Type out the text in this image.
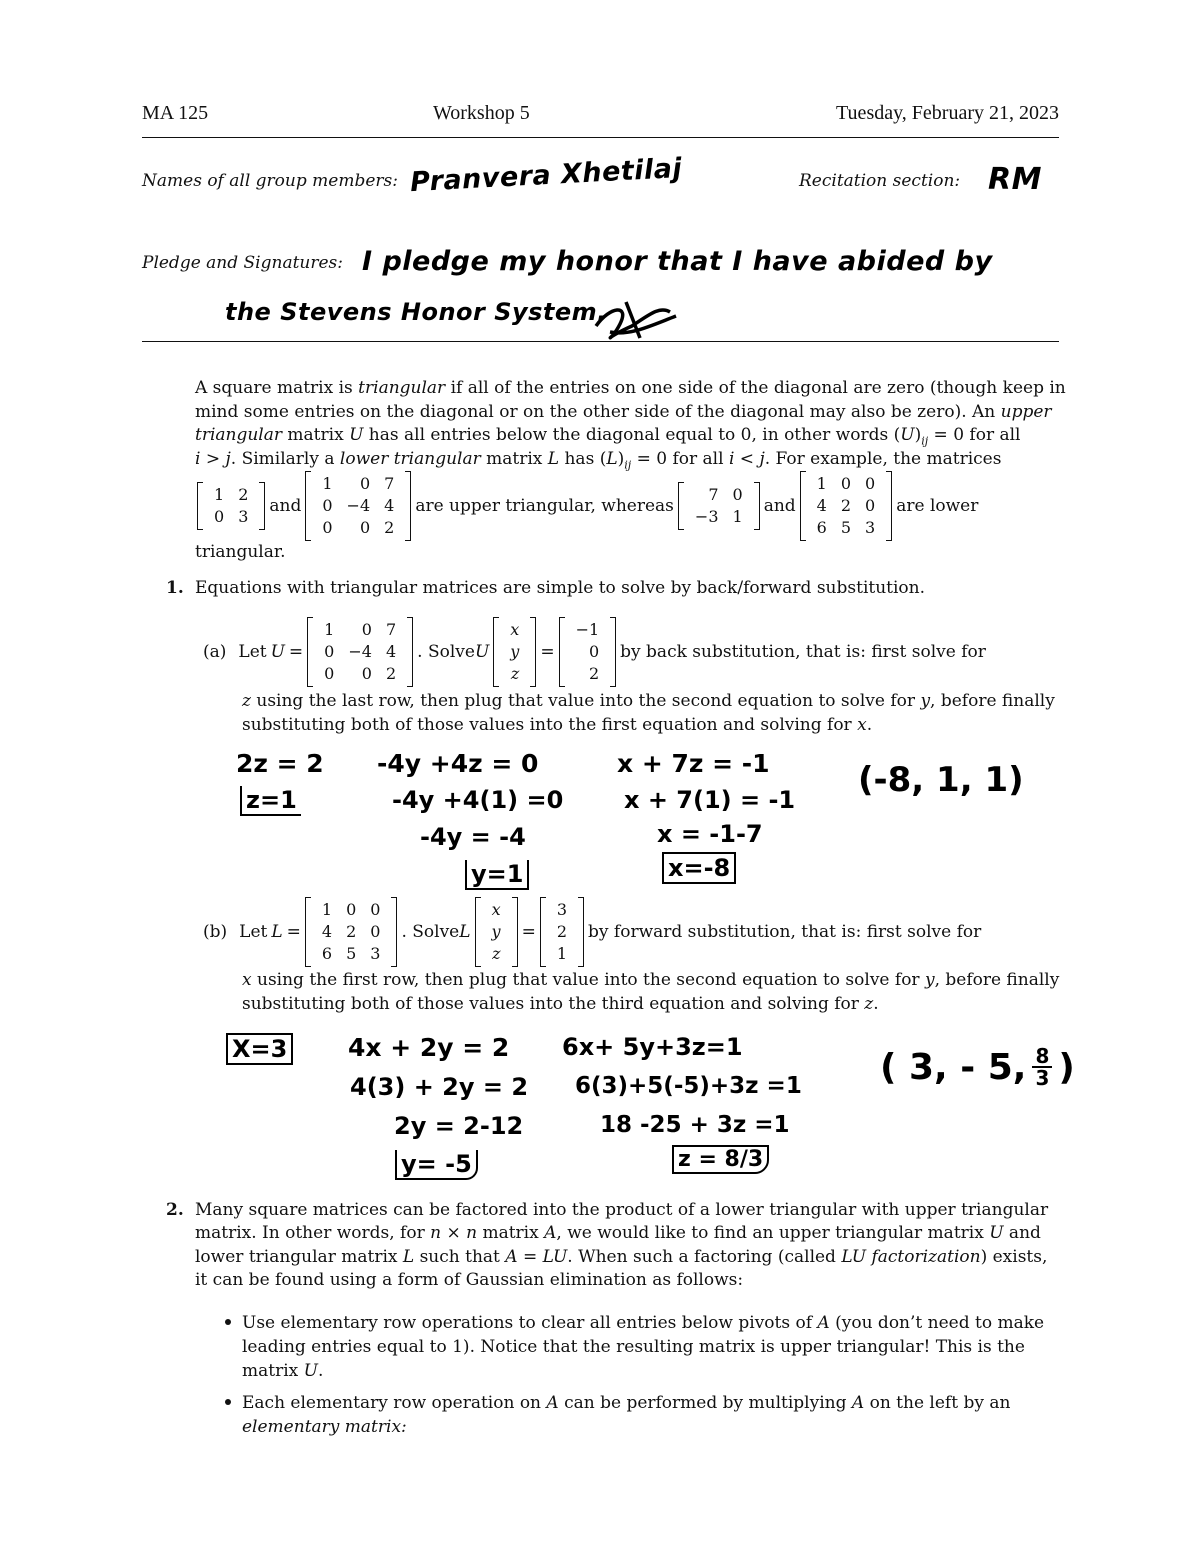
MA 125	Workshop 5	Tuesday, February 21, 2023
Names of all group members: Pranvera Xhetilaj	Recitation section: RM
Pledge and Signatures: I pledge my honor that I have abided by
the Stevens Honor System.
A square matrix is triangular if all of the entries on one side of the diagonal are zero (though keep in
mind some entries on the diagonal or on the other side of the diagonal may also be zero). An upper
triangular matrix U has all entries below the diagonal equal to 0, in other words $(U)_{ij} = 0$ for all
i > j. Similarly a lower triangular matrix L has $(L)_{ij} = 0$ for all i < j. For example, the matrices
1	2
0	3
and
1	0	7
0	−4	4
0	0	2
are upper triangular, whereas
7	0
−3	1
and
1	0	0
4	2	0
6	5	3
are lower
triangular.
1. Equations with triangular matrices are simple to solve by back/forward substitution.
(a) Let U =
1	0	7
0	−4	4
0	0	2
. Solve U
x
y
z
=
−1
0
2
by back substitution, that is: first solve for
z using the last row, then plug that value into the second equation to solve for y, before finally
substituting both of those values into the first equation and solving for x.
2z = 2
z=1
-4y +4z = 0
-4y +4(1) =0
-4y = -4
y=1
x + 7z = -1
x + 7(1) = -1
x = -1-7
x=-8
(-8, 1, 1)
(b) Let L =
1	0	0
4	2	0
6	5	3
. Solve L
x
y
z
=
3
2
1
by forward substitution, that is: first solve for
x using the first row, then plug that value into the second equation to solve for y, before finally
substituting both of those values into the third equation and solving for z.
X=3 4x + 2y = 2
4(3) + 2y = 2
2y = 2-12
y= -5
6x+ 5y+3z=1
6(3)+5(-5)+3z =1
18 -25 + 3z =1
z = 8/3
( 3, - 5, 8
3 )
2. Many square matrices can be factored into the product of a lower triangular with upper triangular
matrix. In other words, for n × n matrix A, we would like to find an upper triangular matrix U and
lower triangular matrix L such that A = LU. When such a factoring (called LU factorization) exists,
it can be found using a form of Gaussian elimination as follows:
Use elementary row operations to clear all entries below pivots of A (you don’t need to make
leading entries equal to 1). Notice that the resulting matrix is upper triangular! This is the
matrix U.
Each elementary row operation on A can be performed by multiplying A on the left by an
elementary matrix:
